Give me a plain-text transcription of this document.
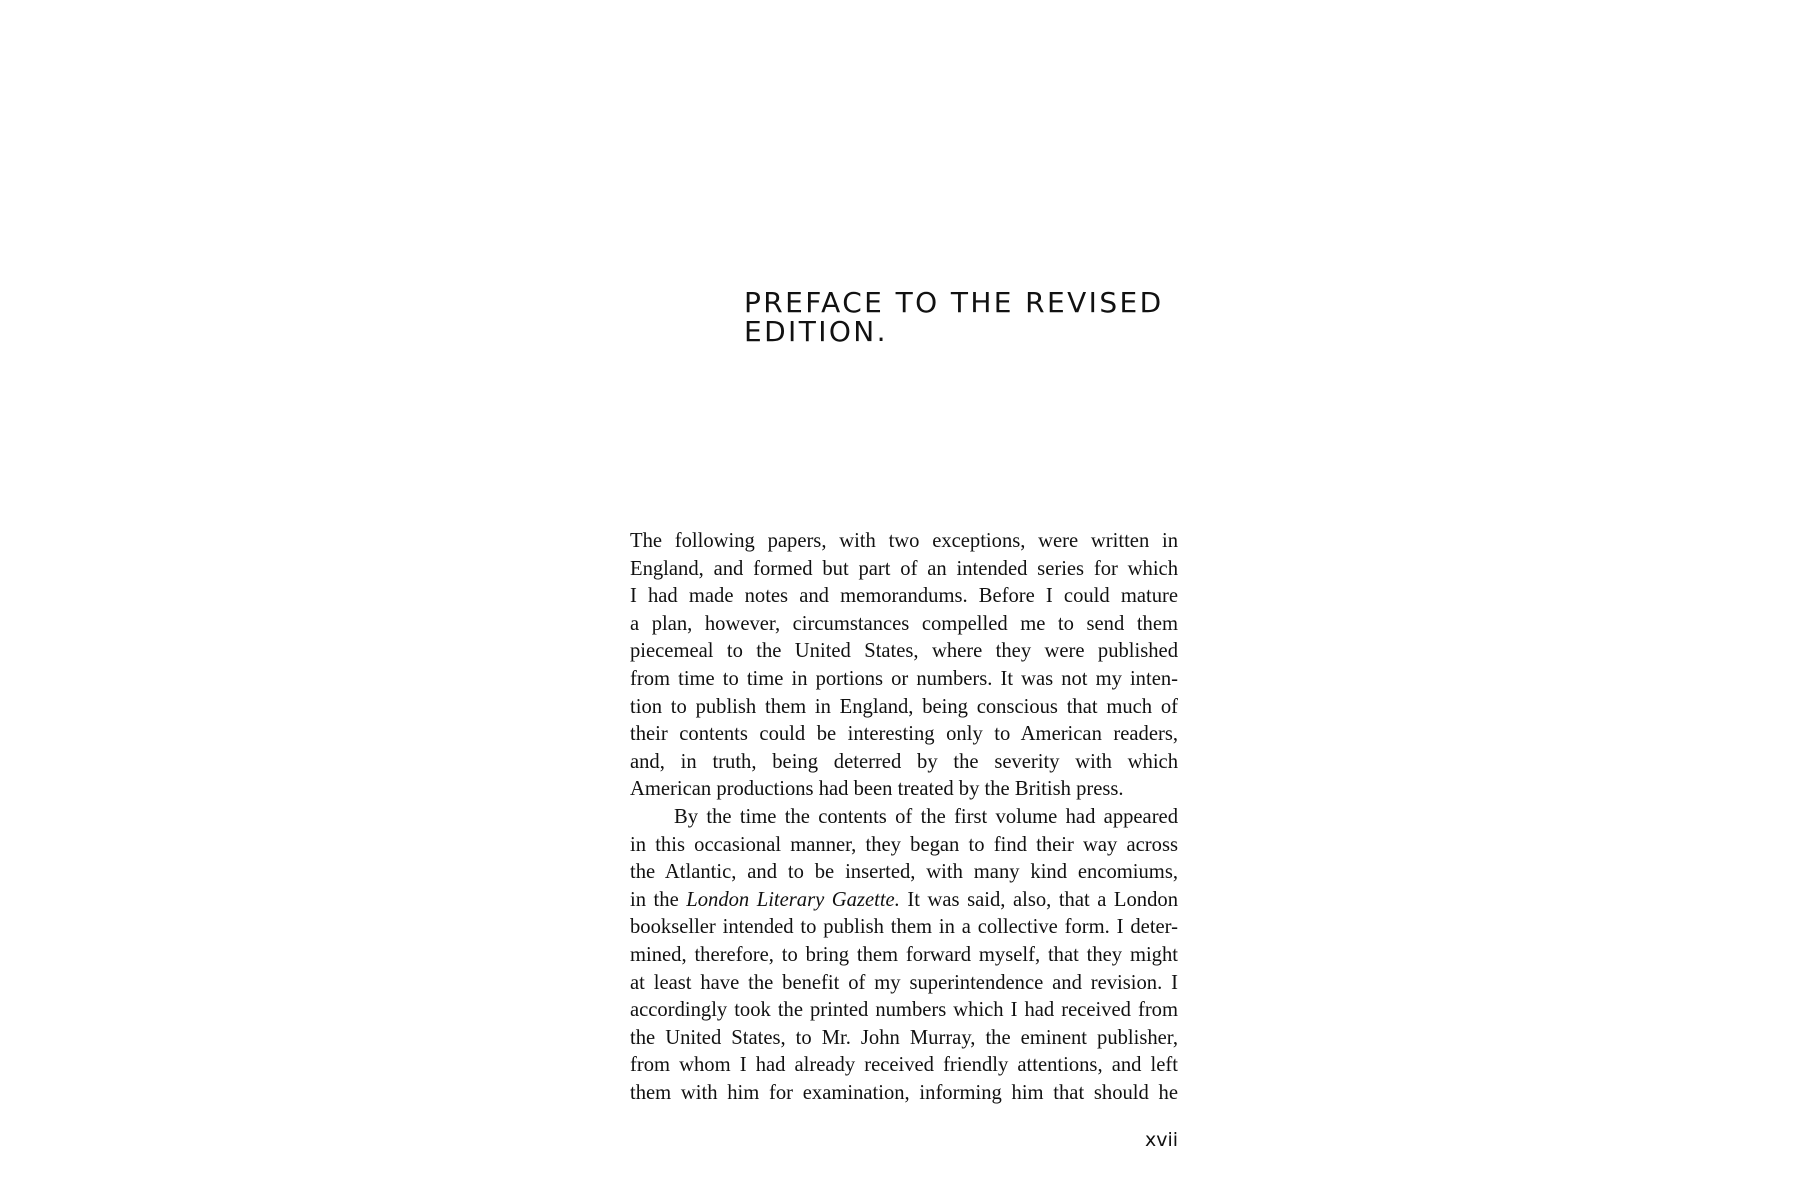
PREFACE TO THE REVISED
EDITION.

The following papers, with two exceptions, were written in

England, and formed but part of an intended series for which

I had made notes and memorandums. Before I could mature

a plan, however, circumstances compelled me to send them

piecemeal to the United States, where they were published

from time to time in portions or numbers. It was not my inten-

tion to publish them in England, being conscious that much of

their contents could be interesting only to American readers,

and, in truth, being deterred by the severity with which

American productions had been treated by the British press.

By the time the contents of the first volume had appeared

in this occasional manner, they began to find their way across

the Atlantic, and to be inserted, with many kind encomiums,

in the London Literary Gazette. It was said, also, that a London

bookseller intended to publish them in a collective form. I deter-

mined, therefore, to bring them forward myself, that they might

at least have the benefit of my superintendence and revision. I

accordingly took the printed numbers which I had received from

the United States, to Mr. John Murray, the eminent publisher,

from whom I had already received friendly attentions, and left

them with him for examination, informing him that should he

xvii
